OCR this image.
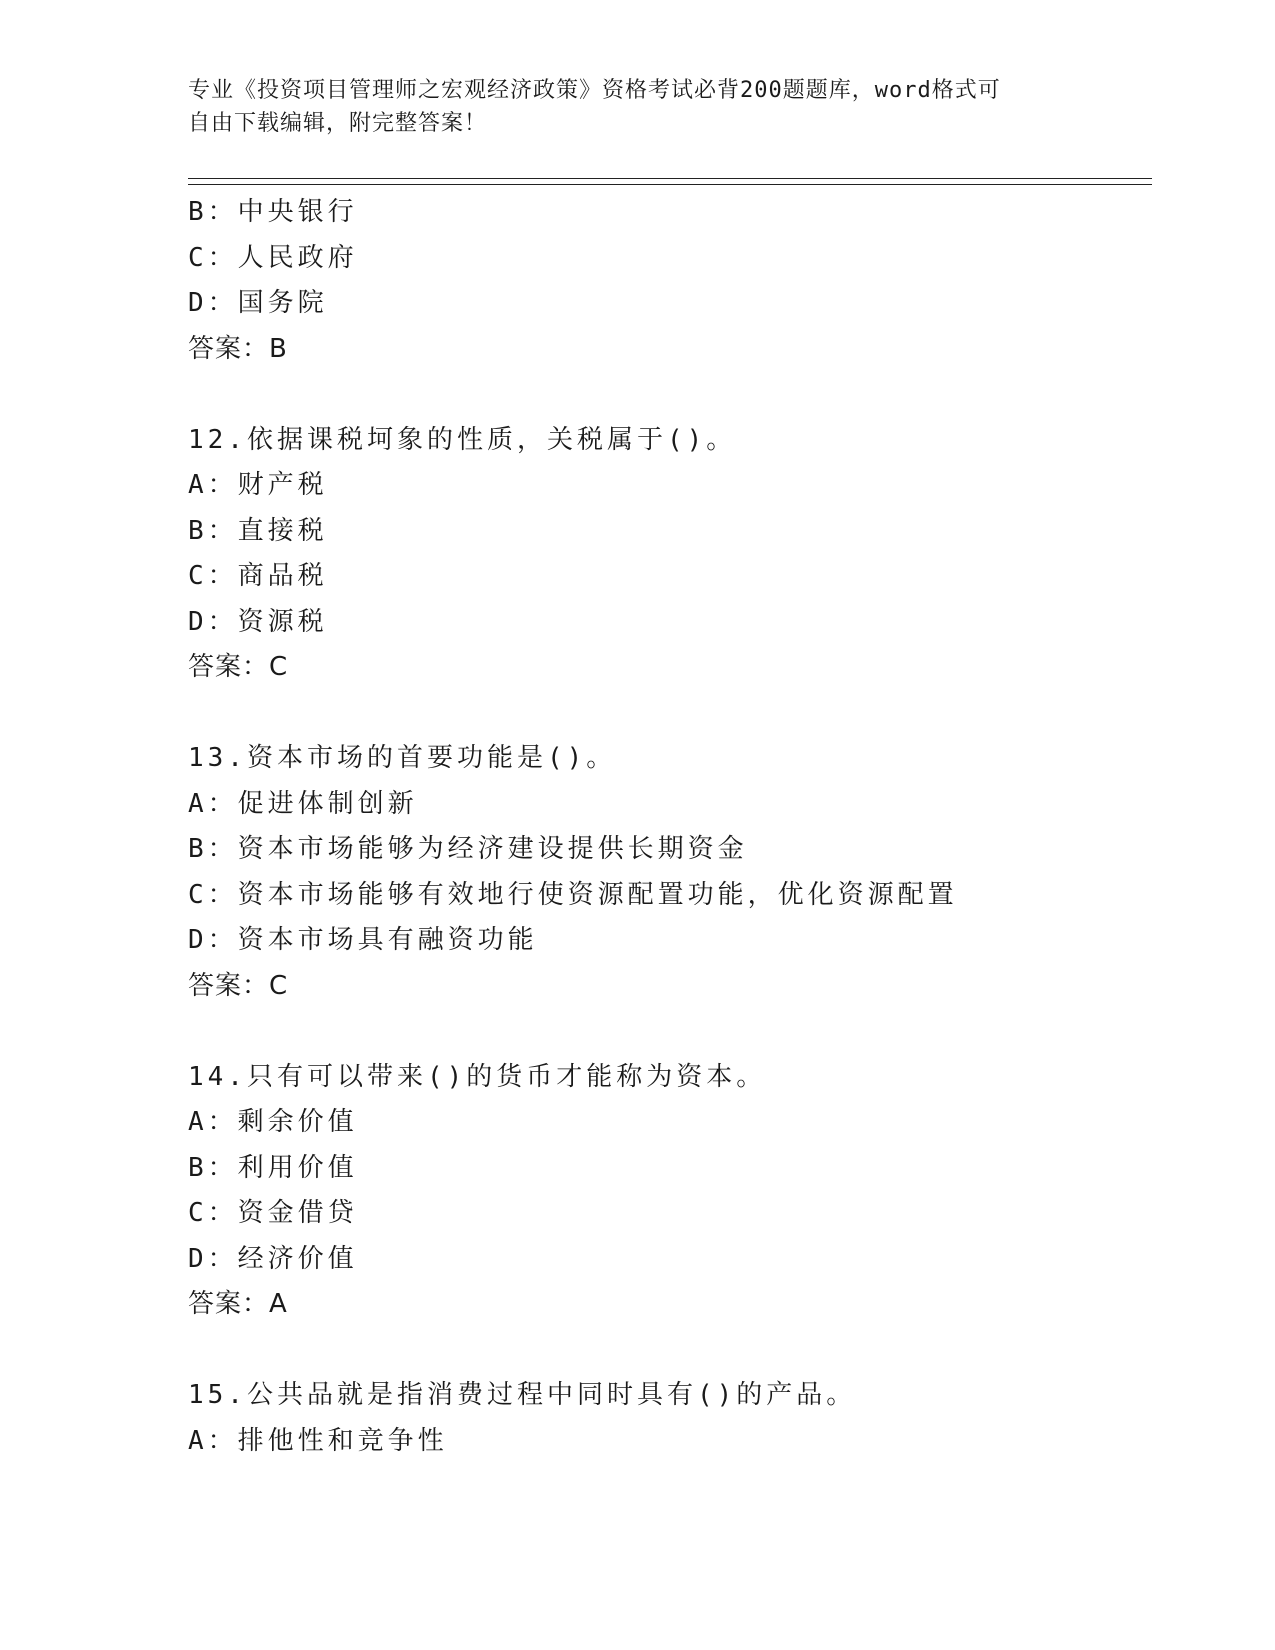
专业《投资项目管理师之宏观经济政策》资格考试必背200题题库，word格式可
自由下载编辑，附完整答案！
B：中央银行
C：人民政府
D：国务院
答案：B
12.依据课税坷象的性质，关税属于()。
A：财产税
B：直接税
C：商品税
D：资源税
答案：C
13.资本市场的首要功能是()。
A：促进体制创新
B：资本市场能够为经济建设提供长期资金
C：资本市场能够有效地行使资源配置功能，优化资源配置
D：资本市场具有融资功能
答案：C
14.只有可以带来()的货币才能称为资本。
A：剩余价值
B：利用价值
C：资金借贷
D：经济价值
答案：A
15.公共品就是指消费过程中同时具有()的产品。
A：排他性和竞争性
